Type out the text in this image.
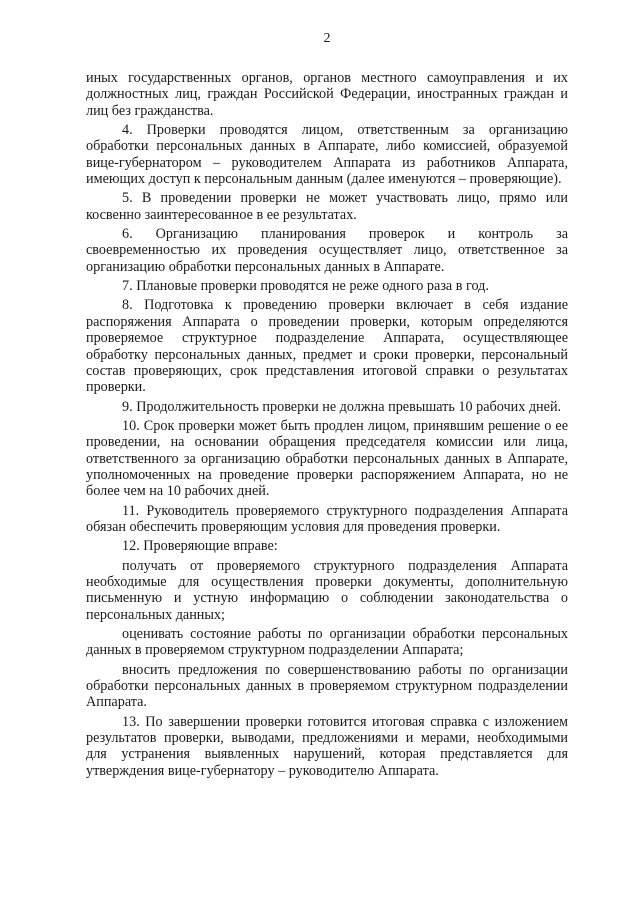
2

иных государственных органов, органов местного самоуправления и их должностных лиц, граждан Российской Федерации, иностранных граждан и лиц без гражданства.

4. Проверки проводятся лицом, ответственным за организацию обработки персональных данных в Аппарате, либо комиссией, образуемой вице-губернатором – руководителем Аппарата из работников Аппарата, имеющих доступ к персональным данным (далее именуются – проверяющие).

5. В проведении проверки не может участвовать лицо, прямо или косвенно заинтересованное в ее результатах.

6. Организацию планирования проверок и контроль за своевременностью их проведения осуществляет лицо, ответственное за организацию обработки персональных данных в Аппарате.

7. Плановые проверки проводятся не реже одного раза в год.

8. Подготовка к проведению проверки включает в себя издание распоряжения Аппарата о проведении проверки, которым определяются проверяемое структурное подразделение Аппарата, осуществляющее обработку персональных данных, предмет и сроки проверки, персональный состав проверяющих, срок представления итоговой справки о результатах проверки.

9. Продолжительность проверки не должна превышать 10 рабочих дней.

10. Срок проверки может быть продлен лицом, принявшим решение о ее проведении, на основании обращения председателя комиссии или лица, ответственного за организацию обработки персональных данных в Аппарате, уполномоченных на проведение проверки распоряжением Аппарата, но не более чем на 10 рабочих дней.

11. Руководитель проверяемого структурного подразделения Аппарата обязан обеспечить проверяющим условия для проведения проверки.

12. Проверяющие вправе:

получать от проверяемого структурного подразделения Аппарата необходимые для осуществления проверки документы, дополнительную письменную и устную информацию о соблюдении законодательства о персональных данных;

оценивать состояние работы по организации обработки персональных данных в проверяемом структурном подразделении Аппарата;

вносить предложения по совершенствованию работы по организации обработки персональных данных в проверяемом структурном подразделении Аппарата.

13. По завершении проверки готовится итоговая справка с изложением результатов проверки, выводами, предложениями и мерами, необходимыми для устранения выявленных нарушений, которая представляется для утверждения вице-губернатору – руководителю Аппарата.
